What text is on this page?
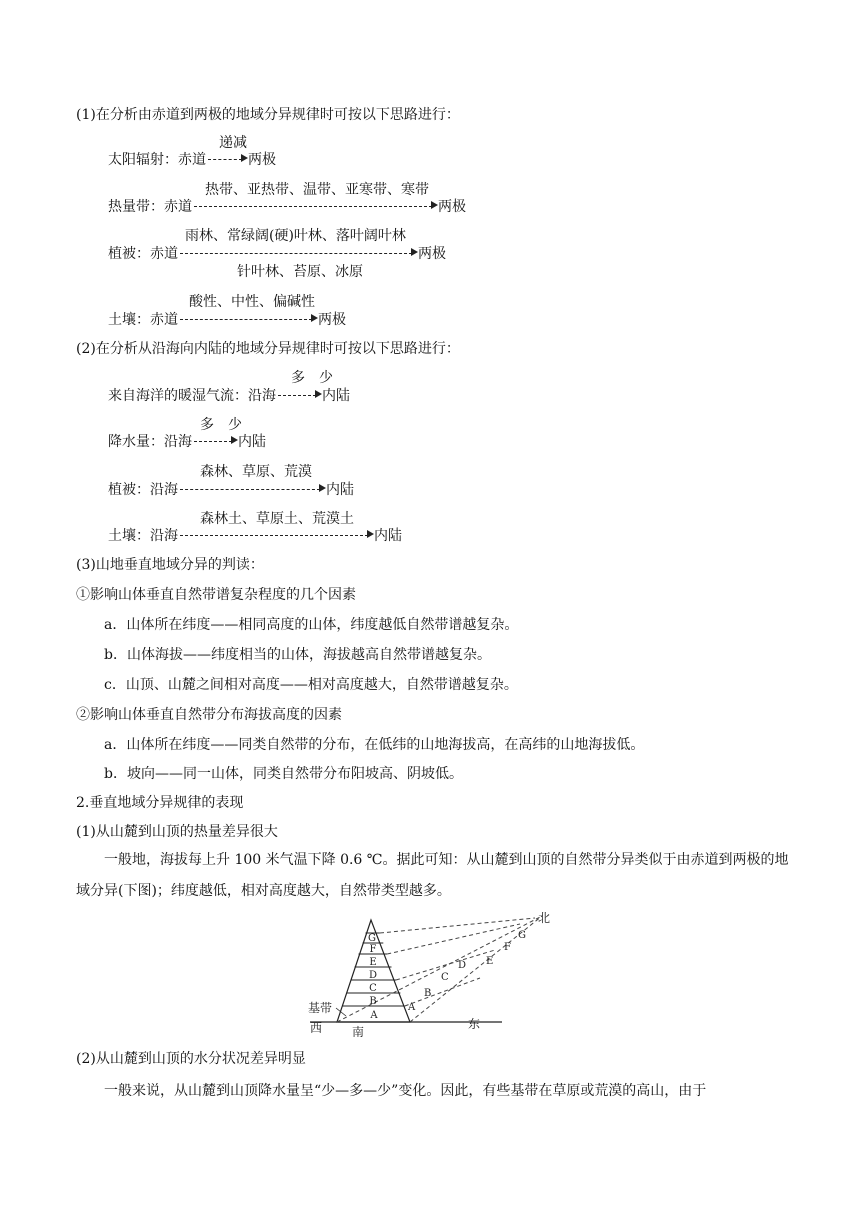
(1)在分析由赤道到两极的地域分异规律时可按以下思路进行：
递减
太阳辐射：赤道	两极
热带、亚热带、温带、亚寒带、寒带
热量带：赤道	两极
雨林、常绿阔(硬)叶林、落叶阔叶林
植被：赤道	两极
针叶林、苔原、冰原
酸性、中性、偏碱性
土壤：赤道	两极
(2)在分析从沿海向内陆的地域分异规律时可按以下思路进行：
多　少
来自海洋的暖湿气流：沿海	内陆
多　少
降水量：沿海	内陆
森林、草原、荒漠
植被：沿海	内陆
森林土、草原土、荒漠土
土壤：沿海	内陆
(3)山地垂直地域分异的判读：
①影响山体垂直自然带谱复杂程度的几个因素
a．山体所在纬度——相同高度的山体，纬度越低自然带谱越复杂。
b．山体海拔——纬度相当的山体，海拔越高自然带谱越复杂。
c．山顶、山麓之间相对高度——相对高度越大，自然带谱越复杂。
②影响山体垂直自然带分布海拔高度的因素
a．山体所在纬度——同类自然带的分布，在低纬的山地海拔高，在高纬的山地海拔低。
b．坡向——同一山体，同类自然带分布阳坡高、阴坡低。
2.垂直地域分异规律的表现
(1)从山麓到山顶的热量差异很大
一般地，海拔每上升 100 米气温下降 0.6 ℃。据此可知：从山麓到山顶的自然带分异类似于由赤道到两极的地域分异(下图)；纬度越低，相对高度越大，自然带类型越多。
A
B
C
D
E
F
G
A
B
C
D E
F
G
北
东
西 南
基带
(2)从山麓到山顶的水分状况差异明显
一般来说，从山麓到山顶降水量呈“少—多—少”变化。因此，有些基带在草原或荒漠的高山，由于
